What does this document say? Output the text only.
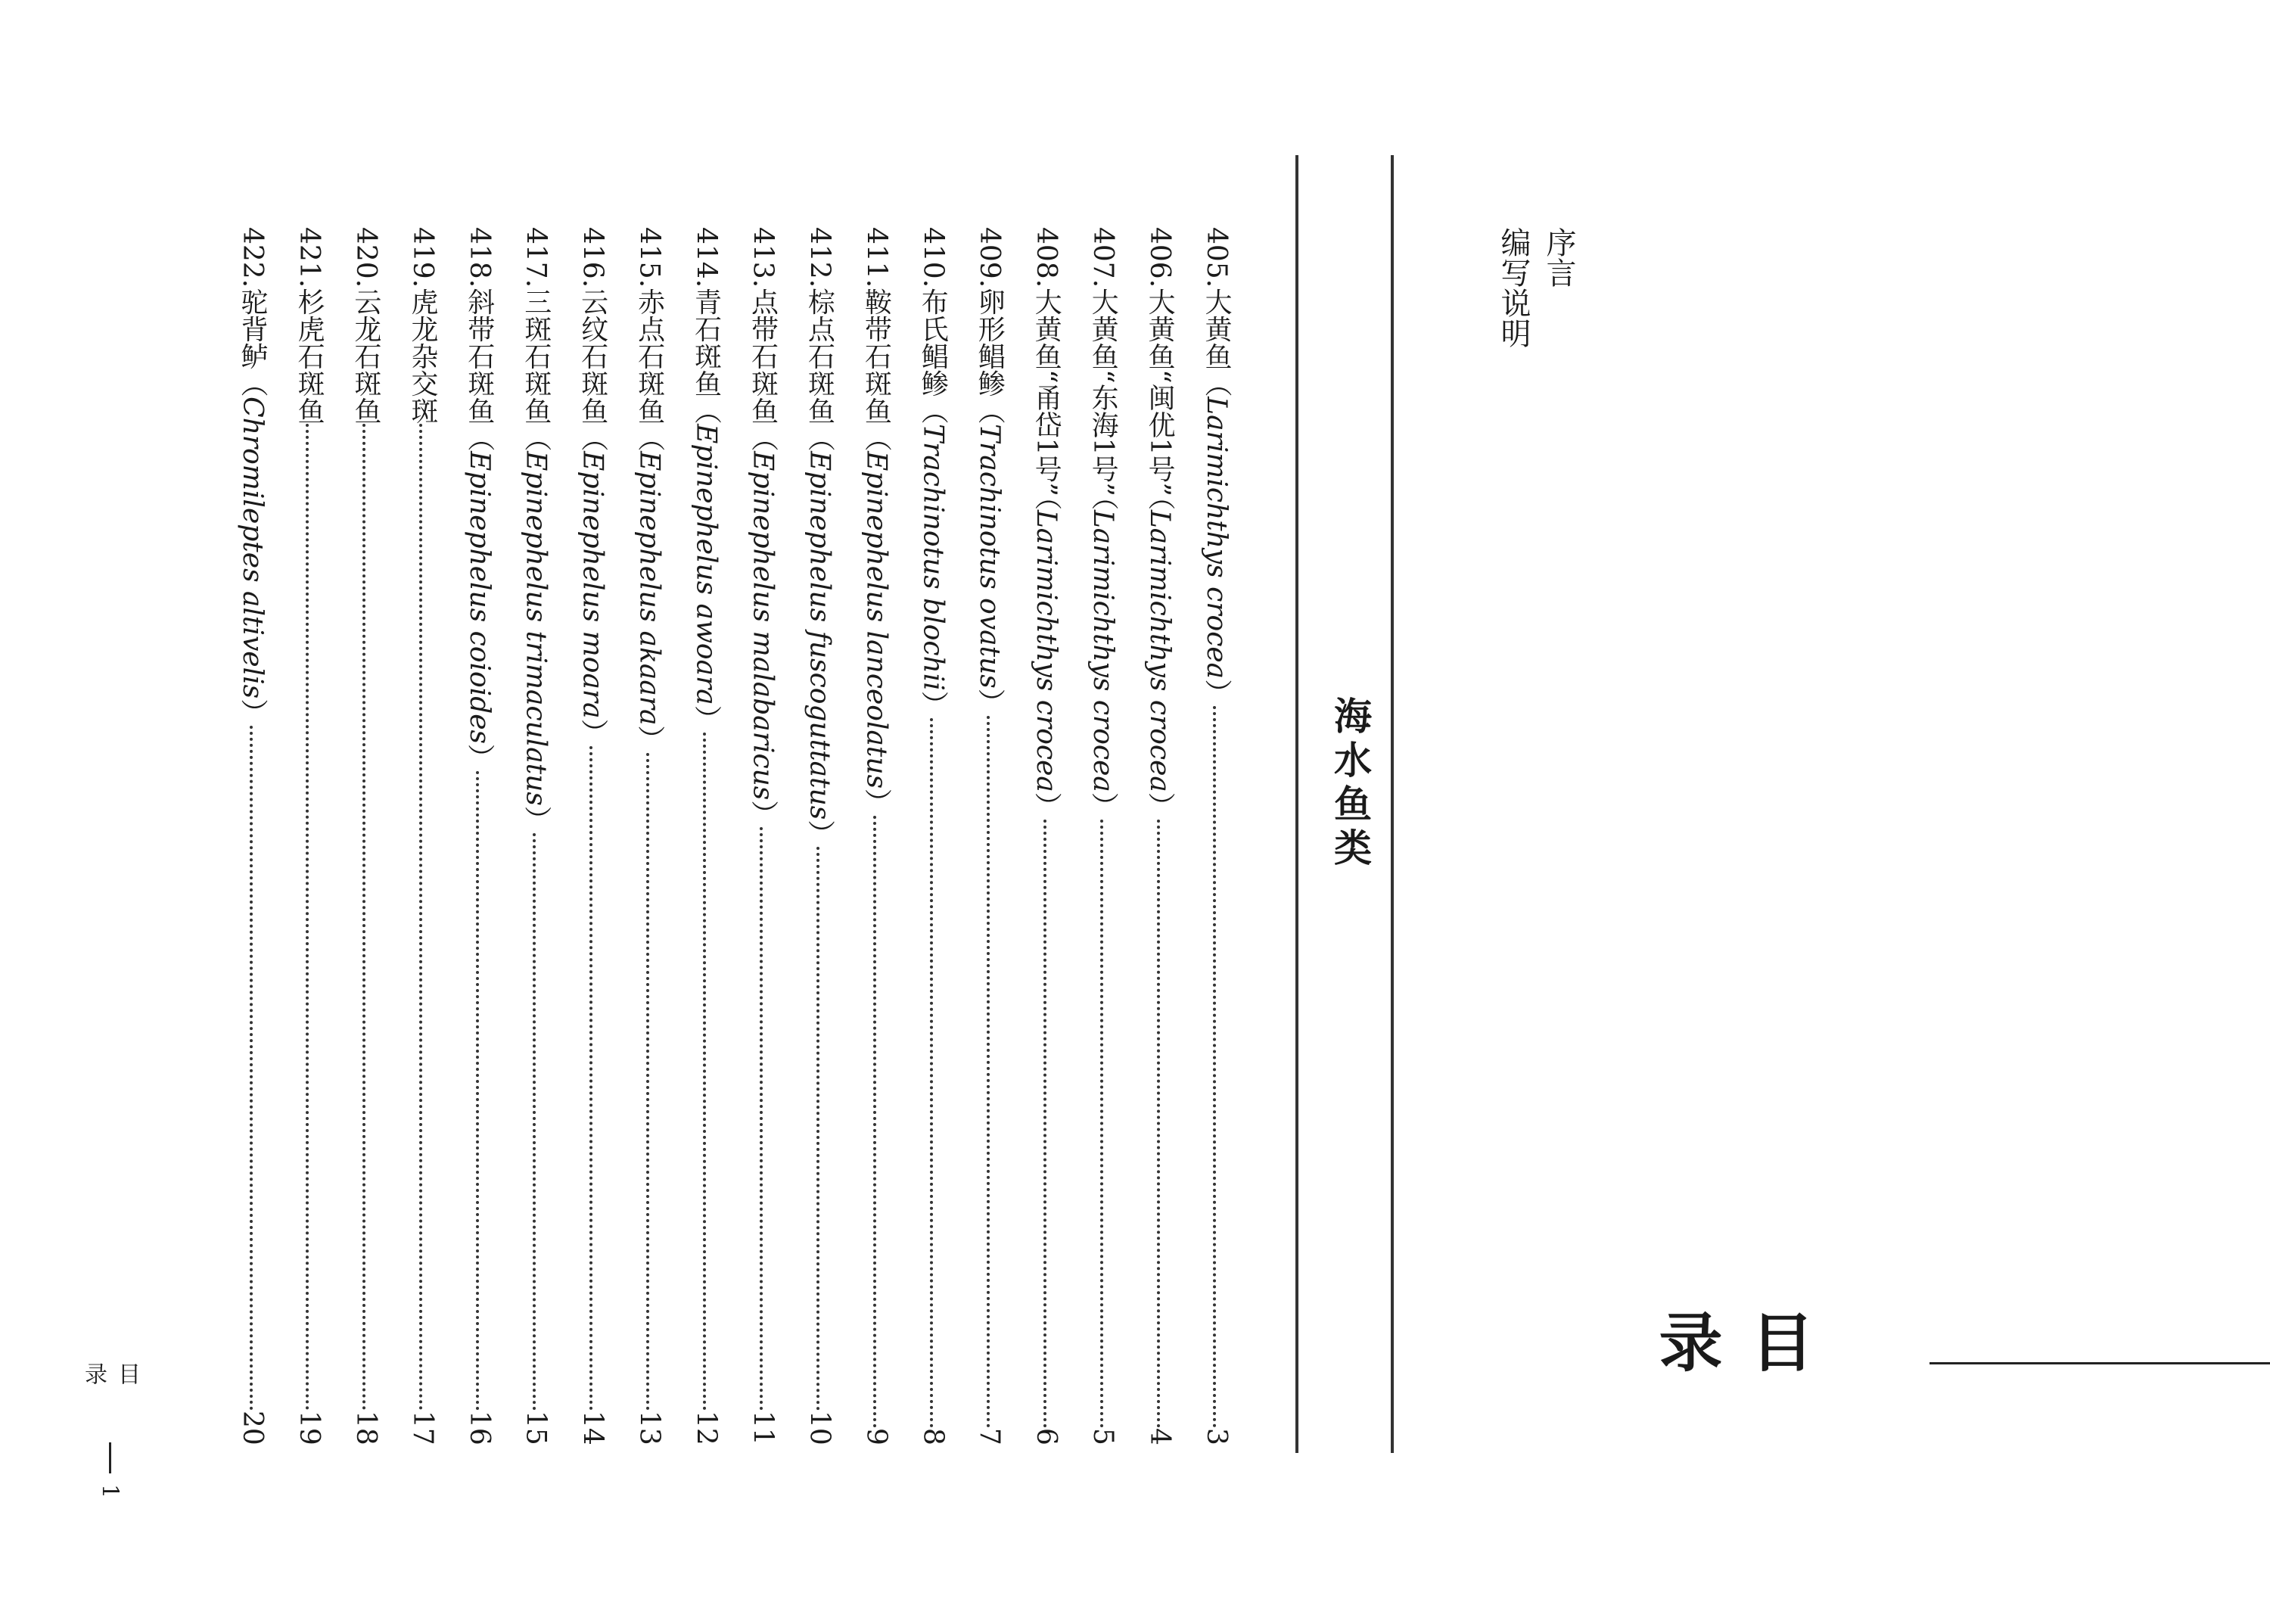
目录
序言
编写说明
海水鱼类
405.大黄鱼（Larimichthys crocea）
3
406.大黄鱼“闽优1号”（Larimichthys crocea）
4
407.大黄鱼“东海1号”（Larimichthys crocea）
5
408.大黄鱼“甬岱1号”（Larimichthys crocea）
6
409.卵形鲳鲹（Trachinotus ovatus）
7
410.布氏鲳鲹（Trachinotus blochii）
8
411.鞍带石斑鱼（Epinephelus lanceolatus）
9
412.棕点石斑鱼（Epinephelus fuscoguttatus）
10
413.点带石斑鱼（Epinephelus malabaricus）
11
414.青石斑鱼（Epinephelus awoara）
12
415.赤点石斑鱼（Epinephelus akaara）
13
416.云纹石斑鱼（Epinephelus moara）
14
417.三斑石斑鱼（Epinephelus trimaculatus）
15
418.斜带石斑鱼（Epinephelus coioides）
16
419.虎龙杂交斑
17
420.云龙石斑鱼
18
421.杉虎石斑鱼
19
422.驼背鲈（Chromileptes altivelis）
20
目录
1
